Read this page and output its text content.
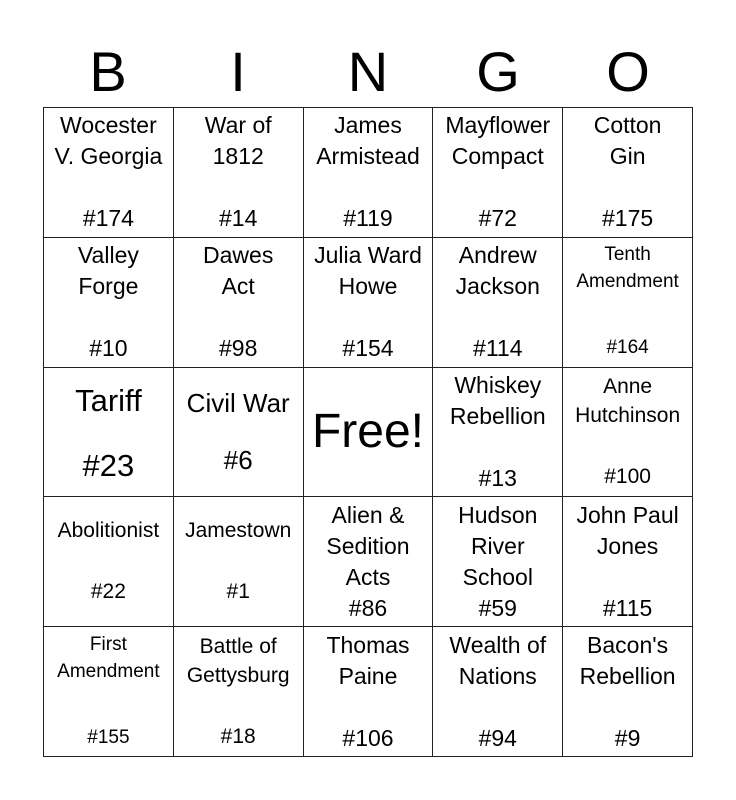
B	I	N	G	O
Wocester
V. Georgia
#174
War of
1812
#14
James
Armistead
#119
Mayflower
Compact
#72
Cotton
Gin
#175
Valley
Forge
#10
Dawes
Act
#98
Julia Ward
Howe
#154
Andrew
Jackson
#114
Tenth
Amendment
#164
Tariff
#23
Civil War
#6
Free!
Whiskey
Rebellion
#13
Anne
Hutchinson
#100
Abolitionist
#22
Jamestown
#1
Alien &
Sedition
Acts
#86
Hudson
River
School
#59
John Paul
Jones
#115
First
Amendment
#155
Battle of
Gettysburg
#18
Thomas
Paine
#106
Wealth of
Nations
#94
Bacon's
Rebellion
#9
